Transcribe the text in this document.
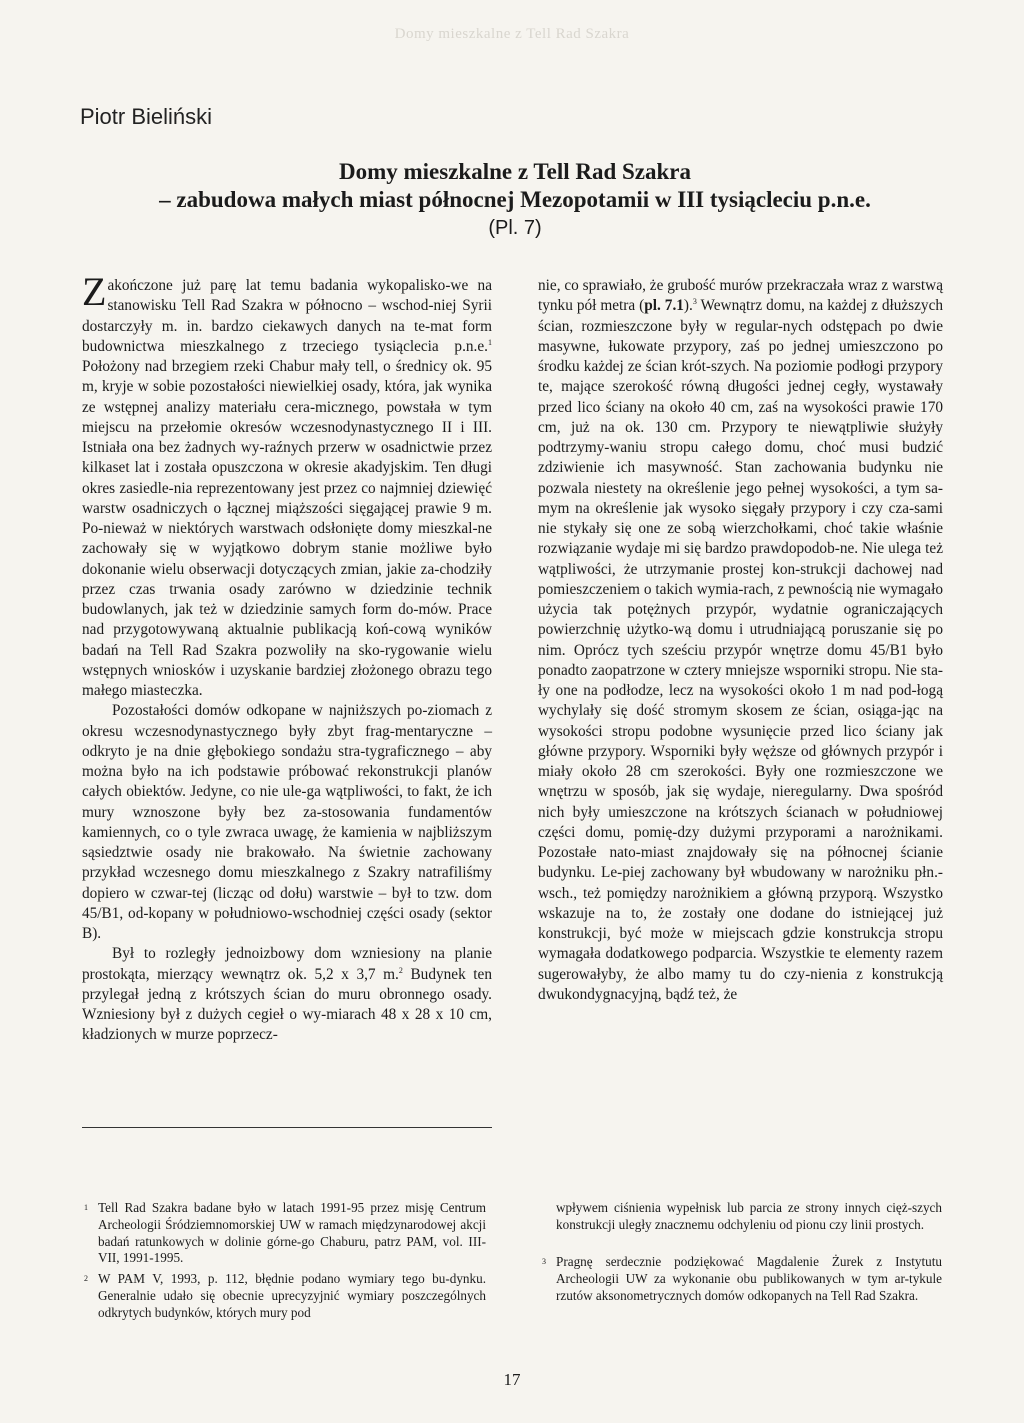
Domy mieszkalne z Tell Rad Szakra
Piotr Bieliński
Domy mieszkalne z Tell Rad Szakra
– zabudowa małych miast północnej Mezopotamii w III tysiącleciu p.n.e.
(Pl. 7)

Zakończone już parę lat temu badania wykopalisko-we na stanowisku Tell Rad Szakra w północno – wschod-niej Syrii dostarczyły m. in. bardzo ciekawych danych na te-mat form budownictwa mieszkalnego z trzeciego tysiąclecia p.n.e.$^1$ Położony nad brzegiem rzeki Chabur mały tell, o średnicy ok. 95 m, kryje w sobie pozostałości niewielkiej osady, która, jak wynika ze wstępnej analizy materiału cera-micznego, powstała w tym miejscu na przełomie okresów wczesnodynastycznego II i III. Istniała ona bez żadnych wy-raźnych przerw w osadnictwie przez kilkaset lat i została opuszczona w okresie akadyjskim. Ten długi okres zasiedle-nia reprezentowany jest przez co najmniej dziewięć warstw osadniczych o łącznej miąższości sięgającej prawie 9 m. Po-nieważ w niektórych warstwach odsłonięte domy mieszkal-ne zachowały się w wyjątkowo dobrym stanie możliwe było dokonanie wielu obserwacji dotyczących zmian, jakie za-chodziły przez czas trwania osady zarówno w dziedzinie technik budowlanych, jak też w dziedzinie samych form do-mów. Prace nad przygotowywaną aktualnie publikacją koń-cową wyników badań na Tell Rad Szakra pozwoliły na sko-rygowanie wielu wstępnych wniosków i uzyskanie bardziej złożonego obrazu tego małego miasteczka.

Pozostałości domów odkopane w najniższych po-ziomach z okresu wczesnodynastycznego były zbyt frag-mentaryczne – odkryto je na dnie głębokiego sondażu stra-tygraficznego – aby można było na ich podstawie próbować rekonstrukcji planów całych obiektów. Jedyne, co nie ule-ga wątpliwości, to fakt, że ich mury wznoszone były bez za-stosowania fundamentów kamiennych, co o tyle zwraca uwagę, że kamienia w najbliższym sąsiedztwie osady nie brakowało. Na świetnie zachowany przykład wczesnego domu mieszkalnego z Szakry natrafiliśmy dopiero w czwar-tej (licząc od dołu) warstwie – był to tzw. dom 45/B1, od-kopany w południowo-wschodniej części osady (sektor B).

Był to rozległy jednoizbowy dom wzniesiony na planie prostokąta, mierzący wewnątrz ok. 5,2 x 3,7 m.$^2$ Budynek ten przylegał jedną z krótszych ścian do muru obronnego osady. Wzniesiony był z dużych cegieł o wy-miarach 48 x 28 x 10 cm, kładzionych w murze poprzecz-

nie, co sprawiało, że grubość murów przekraczała wraz z warstwą tynku pół metra (pl. 7.1).$^3$ Wewnątrz domu, na każdej z dłuższych ścian, rozmieszczone były w regular-nych odstępach po dwie masywne, łukowate przypory, zaś po jednej umieszczono po środku każdej ze ścian krót-szych. Na poziomie podłogi przypory te, mające szerokość równą długości jednej cegły, wystawały przed lico ściany na około 40 cm, zaś na wysokości prawie 170 cm, już na ok. 130 cm. Przypory te niewątpliwie służyły podtrzymy-waniu stropu całego domu, choć musi budzić zdziwienie ich masywność. Stan zachowania budynku nie pozwala niestety na określenie jego pełnej wysokości, a tym sa-mym na określenie jak wysoko sięgały przypory i czy cza-sami nie stykały się one ze sobą wierzchołkami, choć takie właśnie rozwiązanie wydaje mi się bardzo prawdopodob-ne. Nie ulega też wątpliwości, że utrzymanie prostej kon-strukcji dachowej nad pomieszczeniem o takich wymia-rach, z pewnością nie wymagało użycia tak potężnych przypór, wydatnie ograniczających powierzchnię użytko-wą domu i utrudniającą poruszanie się po nim. Oprócz tych sześciu przypór wnętrze domu 45/B1 było ponadto zaopatrzone w cztery mniejsze wsporniki stropu. Nie sta-ły one na podłodze, lecz na wysokości około 1 m nad pod-łogą wychylały się dość stromym skosem ze ścian, osiąga-jąc na wysokości stropu podobne wysunięcie przed lico ściany jak główne przypory. Wsporniki były węższe od głównych przypór i miały około 28 cm szerokości. Były one rozmieszczone we wnętrzu w sposób, jak się wydaje, nieregularny. Dwa spośród nich były umieszczone na krótszych ścianach w południowej części domu, pomię-dzy dużymi przyporami a narożnikami. Pozostałe nato-miast znajdowały się na północnej ścianie budynku. Le-piej zachowany był wbudowany w narożniku płn.-wsch., też pomiędzy narożnikiem a główną przyporą. Wszystko wskazuje na to, że zostały one dodane do istniejącej już konstrukcji, być może w miejscach gdzie konstrukcja stropu wymagała dodatkowego podparcia. Wszystkie te elementy razem sugerowałyby, że albo mamy tu do czy-nienia z konstrukcją dwukondygnacyjną, bądź też, że

1 Tell Rad Szakra badane było w latach 1991-95 przez misję Centrum Archeologii Śródziemnomorskiej UW w ramach międzynarodowej akcji badań ratunkowych w dolinie górne-go Chaburu, patrz PAM, vol. III-VII, 1991-1995.
2 W PAM V, 1993, p. 112, błędnie podano wymiary tego bu-dynku. Generalnie udało się obecnie uprecyzyjnić wymiary poszczególnych odkrytych budynków, których mury pod
wpływem ciśnienia wypełnisk lub parcia ze strony innych cięż-szych konstrukcji uległy znacznemu odchyleniu od pionu czy linii prostych.
3 Pragnę serdecznie podziękować Magdalenie Żurek z Instytutu Archeologii UW za wykonanie obu publikowanych w tym ar-tykule rzutów aksonometrycznych domów odkopanych na Tell Rad Szakra.
17
